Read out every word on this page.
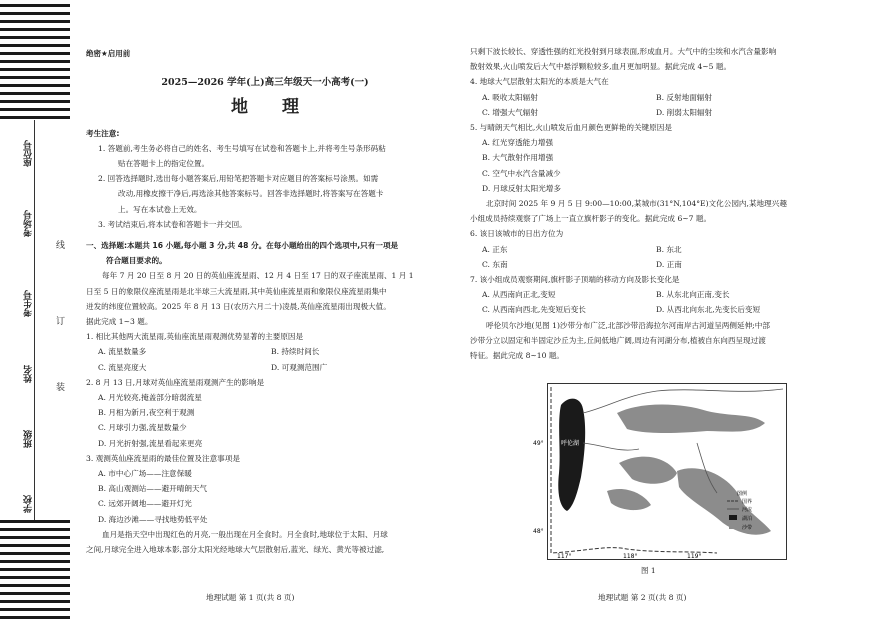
学校
班级
姓名
考生号
考场号
座位号
线
订
装
绝密★启用前
2025—2026 学年(上)高三年级天一小高考(一)
地 理
考生注意:
1. 答题前,考生务必将自己的姓名、考生号填写在试卷和答题卡上,并将考生号条形码粘
贴在答题卡上的指定位置。
2. 回答选择题时,选出每小题答案后,用铅笔把答题卡对应题目的答案标号涂黑。如需
改动,用橡皮擦干净后,再选涂其他答案标号。回答非选择题时,将答案写在答题卡
上。写在本试卷上无效。
3. 考试结束后,将本试卷和答题卡一并交回。
一、选择题:本题共 16 小题,每小题 3 分,共 48 分。在每小题给出的四个选项中,只有一项是
符合题目要求的。
每年 7 月 20 日至 8 月 20 日的英仙座流星雨、12 月 4 日至 17 日的双子座流星雨、1 月 1
日至 5 日的象限仪座流星雨是北半球三大流星雨,其中英仙座流星雨和象限仪座流星雨集中
迸发的纬度位置较高。2025 年 8 月 13 日(农历六月二十)凌晨,英仙座流星雨出现极大值。
据此完成 1~3 题。
1. 相比其他两大流星雨,英仙座流星雨观测优势显著的主要原因是
A. 流星数量多	B. 持续时间长
C. 流星亮度大	D. 可观测范围广
2. 8 月 13 日,月球对英仙座流星雨观测产生的影响是
A. 月光较亮,掩盖部分暗弱流星
B. 月相为新月,夜空利于观测
C. 月球引力强,流星数量少
D. 月光折射强,流星看起来更亮
3. 观测英仙座流星雨的最佳位置及注意事项是
A. 市中心广场——注意保暖
B. 高山观测站——避开晴朗天气
C. 远郊开阔地——避开灯光
D. 海边沙滩——寻找地势低平处
血月是指天空中出现红色的月亮,一般出现在月全食时。月全食时,地球位于太阳、月球
之间,月球完全进入地球本影,部分太阳光经地球大气层散射后,蓝光、绿光、黄光等被过滤,
地理试题 第 1 页(共 8 页)
只剩下波长较长、穿透性强的红光投射到月球表面,形成血月。大气中的尘埃和水汽含量影响
散射效果,火山喷发后大气中悬浮颗粒较多,血月更加明显。据此完成 4~5 题。
4. 地球大气层散射太阳光的本质是大气在
A. 吸收太阳辐射	B. 反射地面辐射
C. 增强大气辐射	D. 削弱太阳辐射
5. 与晴朗天气相比,火山喷发后血月颜色更鲜艳的关键原因是
A. 红光穿透能力增强
B. 大气散射作用增强
C. 空气中水汽含量减少
D. 月球反射太阳光增多
北京时间 2025 年 9 月 5 日 9:00—10:00,某城市(31°N,104°E)文化公园内,某地理兴趣
小组成员持续观察了广场上一直立旗杆影子的变化。据此完成 6~7 题。
6. 该日该城市的日出方位为
A. 正东	B. 东北
C. 东南	D. 正南
7. 该小组成员观察期间,旗杆影子顶端的移动方向及影长变化是
A. 从西南向正北,变短	B. 从东北向正南,变长
C. 从西南向西北,先变短后变长	D. 从西北向东北,先变长后变短
呼伦贝尔沙地(见图 1)沙带分布广泛,北部沙带沿海拉尔河南岸古河道呈两侧延伸;中部
沙带分立以固定和半固定沙丘为主,丘间低地广阔,周边有河湖分布,植被自东向西呈现过渡
特征。据此完成 8~10 题。
呼伦湖
49°
48°
117°	118°	119°
图例
国界
河流
湖泊
沙带
图 1
地理试题 第 2 页(共 8 页)
